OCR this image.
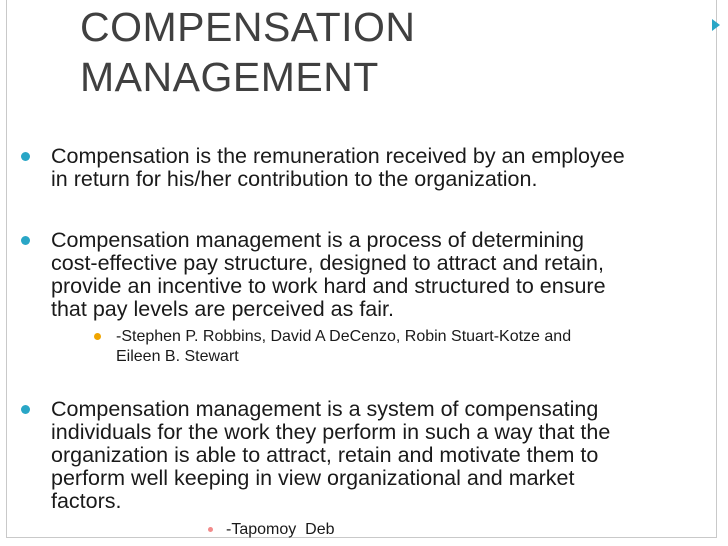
COMPENSATION
MANAGEMENT
Compensation is the remuneration received by an employee
in return for his/her contribution to the organization.
Compensation management is a process of determining
cost-effective pay structure, designed to attract and retain,
provide an incentive to work hard and structured to ensure
that pay levels are perceived as fair.
-Stephen P. Robbins, David A DeCenzo, Robin Stuart-Kotze and
Eileen B. Stewart
Compensation management is a system of compensating
individuals for the work they perform in such a way that the
organization is able to attract, retain and motivate them to
perform well keeping in view organizational and market
factors.
-Tapomoy  Deb
